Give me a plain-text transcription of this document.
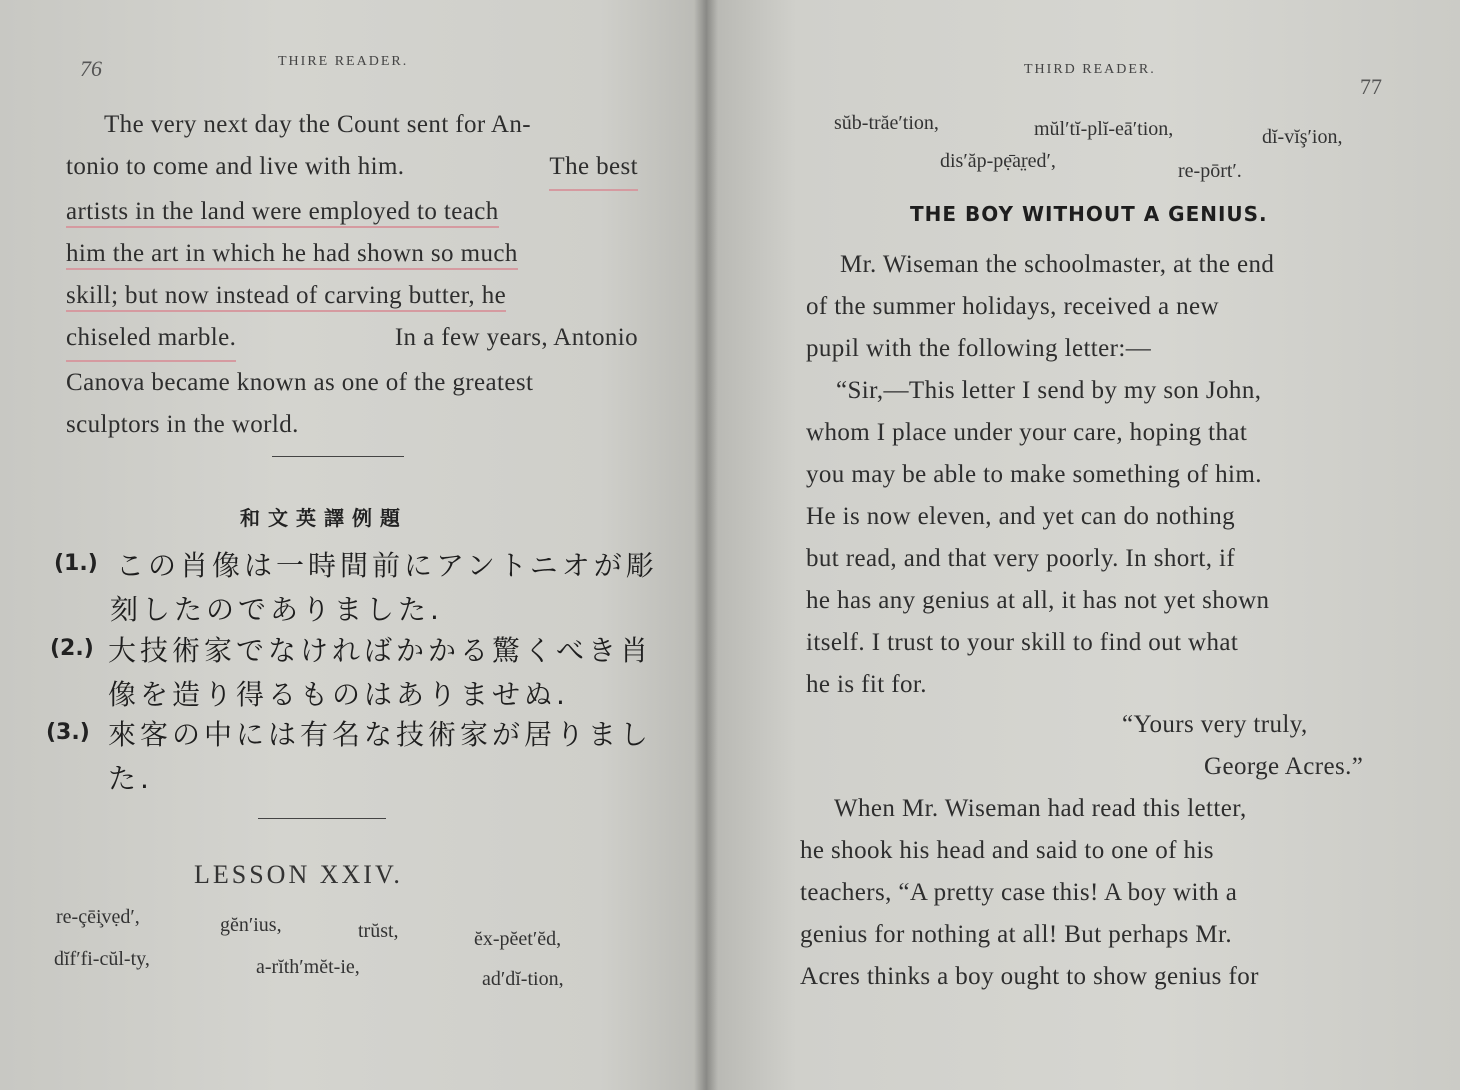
76	THIRE READER.
The very next day the Count sent for An-
tonio to come and live with him.	The best
artists in the land were employed to teach
him the art in which he had shown so much
skill; but now instead of carving butter, he
chiseled marble.	In a few years, Antonio
Canova became known as one of the greatest
sculptors in the world.
和文英譯例題
(1.) この肖像は一時間前にアントニオが彫
刻したのでありました.
(2.) 大技術家でなければかかる驚くべき肖
像を造り得るものはありませぬ.
(3.) 來客の中には有名な技術家が居りまし
た.
LESSON XXIV.
re-çēi̧vẹd′,	gĕn′ius,	trŭst,	ĕx-pĕet′ĕd,
dĭf′fi-cŭl-ty,	a-rĭth′mĕt-ie,
ad′dĭ-tion,
THIRD READER.
77
sŭb-trăe′tion,	mŭl′tĭ-plĭ-eā′tion,	dĭ-vĭş′ion,
dis′ăp-pẹ̄ar̤ed′,	re-pōrt′.
THE BOY WITHOUT A GENIUS.
Mr. Wiseman the schoolmaster, at the end
of the summer holidays, received a new
pupil with the following letter:—
“Sir,—This letter I send by my son John,
whom I place under your care, hoping that
you may be able to make something of him.
He is now eleven, and yet can do nothing
but read, and that very poorly. In short, if
he has any genius at all, it has not yet shown
itself. I trust to your skill to find out what
he is fit for.
“Yours very truly,
George Acres.”
When Mr. Wiseman had read this letter,
he shook his head and said to one of his
teachers, “A pretty case this! A boy with a
genius for nothing at all! But perhaps Mr.
Acres thinks a boy ought to show genius for
